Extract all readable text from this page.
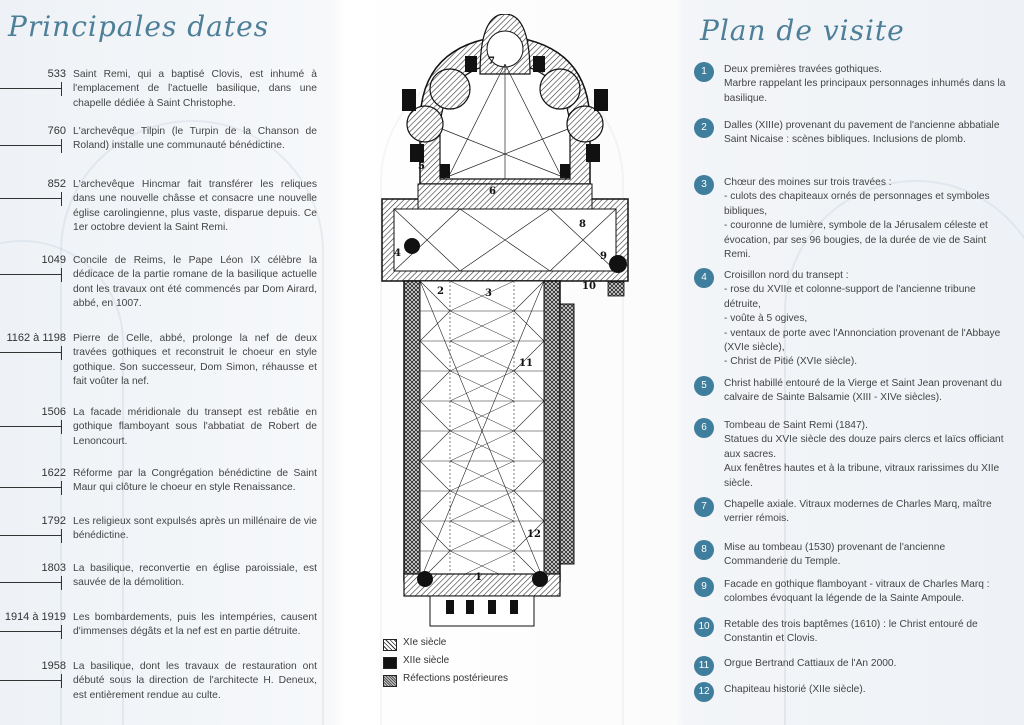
Principales dates
533 Saint Remi, qui a baptisé Clovis, est inhumé à l'emplacement de l'actuelle basilique, dans une chapelle dédiée à Saint Christophe.
760 L'archevêque Tilpin (le Turpin de la Chanson de Roland) installe une communauté bénédictine.
852 L'archevêque Hincmar fait transférer les reliques dans une nouvelle châsse et consacre une nouvelle église carolingienne, plus vaste, disparue depuis. Ce 1er octobre devient la Saint Remi.
1049 Concile de Reims, le Pape Léon IX célèbre la dédicace de la partie romane de la basilique actuelle dont les travaux ont été commencés par Dom Airard, abbé, en 1007.
1162 à 1198 Pierre de Celle, abbé, prolonge la nef de deux travées gothiques et reconstruit le choeur en style gothique. Son successeur, Dom Simon, réhausse et fait voûter la nef.
1506 La facade méridionale du transept est rebâtie en gothique flamboyant sous l'abbatiat de Robert de Lenoncourt.
1622 Réforme par la Congrégation bénédictine de Saint Maur qui clôture le choeur en style Renaissance.
1792 Les religieux sont expulsés après un millénaire de vie bénédictine.
1803 La basilique, reconvertie en église paroissiale, est sauvée de la démolition.
1914 à 1919 Les bombardements, puis les intempéries, causent d'immenses dégâts et la nef est en partie détruite.
1958 La basilique, dont les travaux de restauration ont débuté sous la direction de l'architecte H. Deneux, est entièrement rendue au culte.
1
2	3
4
5
6
7
8
9
10
11
12
XIe siècle
XIIe siècle
Réfections postérieures
Plan de visite
1	Deux premières travées gothiques.
Marbre rappelant les principaux personnages inhumés dans la basilique.
2	Dalles (XIIIe) provenant du pavement de l'ancienne abbatiale Saint Nicaise : scènes bibliques. Inclusions de plomb.
3	Chœur des moines sur trois travées :
- culots des chapiteaux ornés de personnages et symboles bibliques,
- couronne de lumière, symbole de la Jérusalem céleste et évocation, par ses 96 bougies, de la durée de vie de Saint Remi.
4	Croisillon nord du transept :
- rose du XVIIe et colonne-support de l'ancienne tribune détruite,
- voûte à 5 ogives,
- ventaux de porte avec l'Annonciation provenant de l'Abbaye (XVIe siècle),
- Christ de Pitié (XVIe siècle).
5	Christ habillé entouré de la Vierge et Saint Jean provenant du calvaire de Sainte Balsamie (XIII - XIVe siècles).
6	Tombeau de Saint Remi (1847).
Statues du XVIe siècle des douze pairs clercs et laïcs officiant aux sacres.
Aux fenêtres hautes et à la tribune, vitraux rarissimes du XIIe siècle.
7	Chapelle axiale. Vitraux modernes de Charles Marq, maître verrier rémois.
8	Mise au tombeau (1530) provenant de l'ancienne Commanderie du Temple.
9	Facade en gothique flamboyant - vitraux de Charles Marq : colombes évoquant la légende de la Sainte Ampoule.
10	Retable des trois baptêmes (1610) : le Christ entouré de Constantin et Clovis.
11	Orgue Bertrand Cattiaux de l'An 2000.
12	Chapiteau historié (XIIe siècle).
